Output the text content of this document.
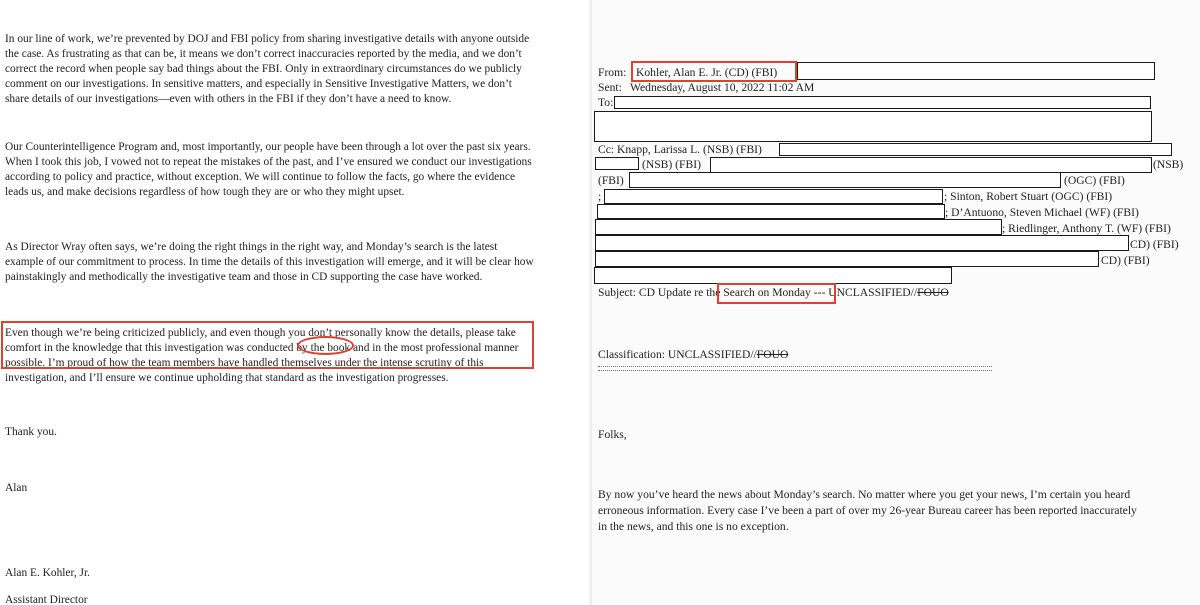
In our line of work, we’re prevented by DOJ and FBI policy from sharing investigative details with anyone outside
the case. As frustrating as that can be, it means we don’t correct inaccuracies reported by the media, and we don’t
correct the record when people say bad things about the FBI. Only in extraordinary circumstances do we publicly
comment on our investigations. In sensitive matters, and especially in Sensitive Investigative Matters, we don’t
share details of our investigations—even with others in the FBI if they don’t have a need to know.

Our Counterintelligence Program and, most importantly, our people have been through a lot over the past six years.
When I took this job, I vowed not to repeat the mistakes of the past, and I’ve ensured we conduct our investigations
according to policy and practice, without exception. We will continue to follow the facts, go where the evidence
leads us, and make decisions regardless of how tough they are or who they might upset.

As Director Wray often says, we’re doing the right things in the right way, and Monday’s search is the latest
example of our commitment to process. In time the details of this investigation will emerge, and it will be clear how
painstakingly and methodically the investigative team and those in CD supporting the case have worked.

Even though we’re being criticized publicly, and even though you don’t personally know the details, please take
comfort in the knowledge that this investigation was conducted by the book and in the most professional manner
possible. I’m proud of how the team members have handled themselves under the intense scrutiny of this
investigation, and I’ll ensure we continue upholding that standard as the investigation progresses.

Thank you.

Alan

Alan E. Kohler, Jr.

Assistant Director

From: Kohler, Alan E. Jr. (CD) (FBI)
Sent: Wednesday, August 10, 2022 11:02 AM
To:
Cc: Knapp, Larissa L. (NSB) (FBI)
(NSB) (FBI)	(NSB)
(FBI)	(OGC) (FBI)
;	; Sinton, Robert Stuart (OGC) (FBI)
; D’Antuono, Steven Michael (WF) (FBI)
; Riedlinger, Anthony T. (WF) (FBI)
CD) (FBI)
CD) (FBI)
Subject: CD Update re the Search on Monday --- UNCLASSIFIED//FOUO
Classification: UNCLASSIFIED//FOUO
Folks,
By now you’ve heard the news about Monday’s search. No matter where you get your news, I’m certain you heard
erroneous information. Every case I’ve been a part of over my 26-year Bureau career has been reported inaccurately
in the news, and this one is no exception.
